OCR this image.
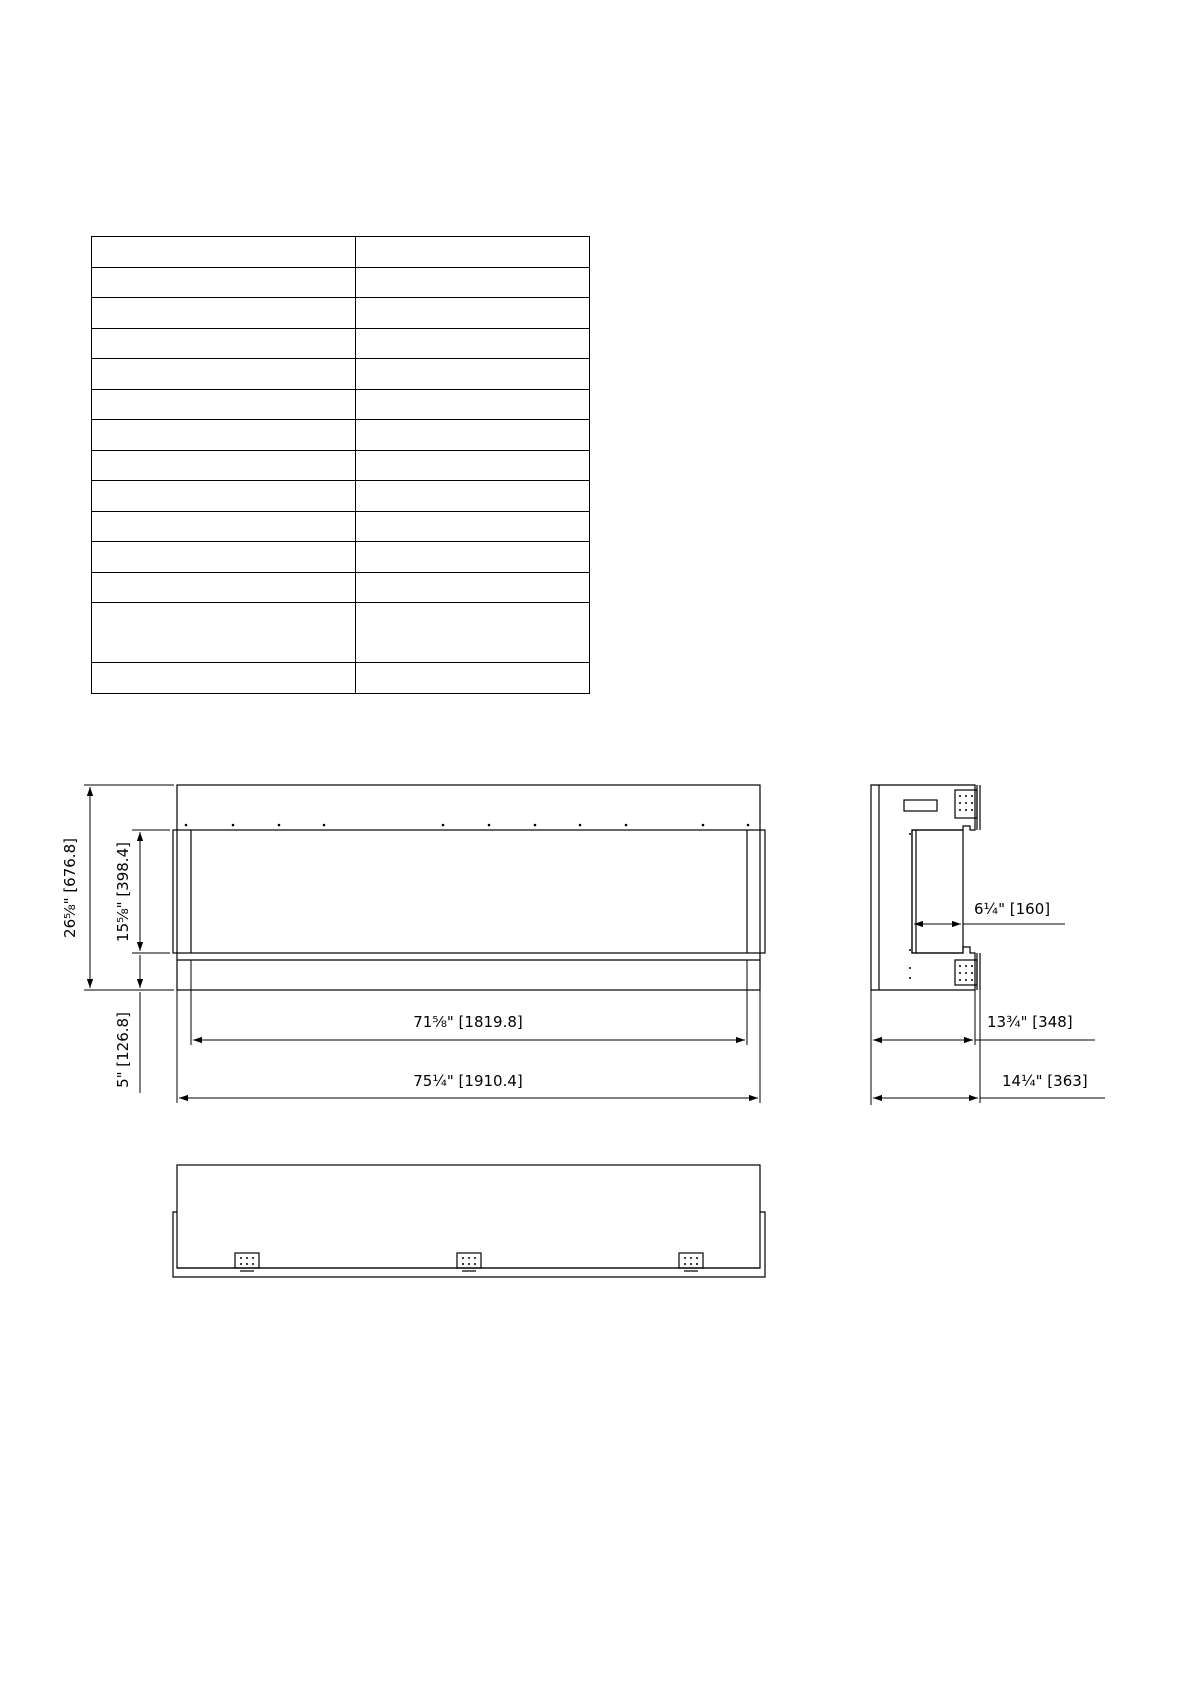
26⅝" [676.8] 15⅝" [398.4]
5" [126.8]	71⅝" [1819.8]
75¼" [1910.4]
6¼" [160]
13¾" [348]
14¼" [363]
